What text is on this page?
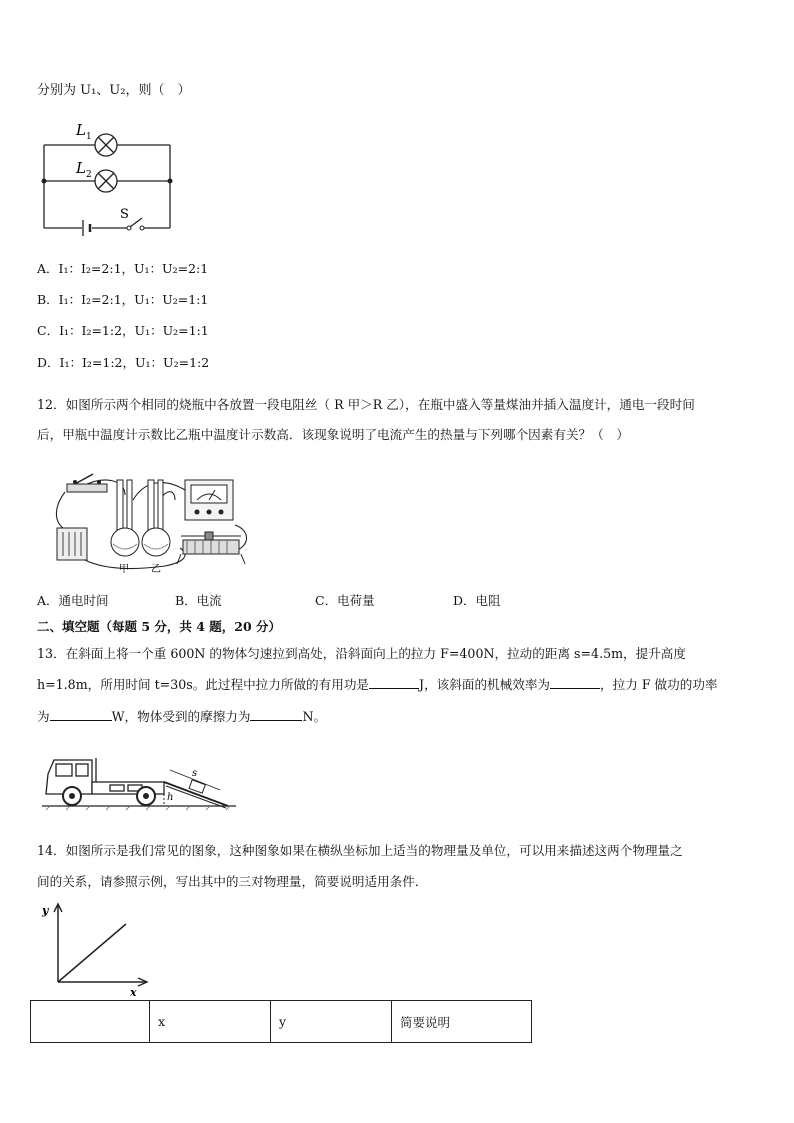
分别为 U₁、U₂，则（　）
L 1
L 2
S
A．I₁：I₂=2:1，U₁：U₂=2:1
B．I₁：I₂=2:1，U₁：U₂=1:1
C．I₁：I₂=1:2，U₁：U₂=1:1
D．I₁：I₂=1:2，U₁：U₂=1:2
12．如图所示两个相同的烧瓶中各放置一段电阻丝（ R 甲＞R 乙），在瓶中盛入等量煤油并插入温度计，通电一段时间
后，甲瓶中温度计示数比乙瓶中温度计示数高．该现象说明了电流产生的热量与下列哪个因素有关？（　）
甲 乙
A．通电时间	B．电流	C．电荷量	D．电阻
二、填空题（每题 5 分，共 4 题，20 分）
13．在斜面上将一个重 600N 的物体匀速拉到高处，沿斜面向上的拉力 F=400N，拉动的距离 s=4.5m，提升高度
h=1.8m，所用时间 t=30s。此过程中拉力所做的有用功是	J，该斜面的机械效率为	，拉力 F 做功的功率
为	W，物体受到的摩擦力为	N。
h
s
14．如图所示是我们常见的图象，这种图象如果在横纵坐标加上适当的物理量及单位，可以用来描述这两个物理量之
间的关系，请参照示例，写出其中的三对物理量，简要说明适用条件．
y
x
	x	y	简要说明
